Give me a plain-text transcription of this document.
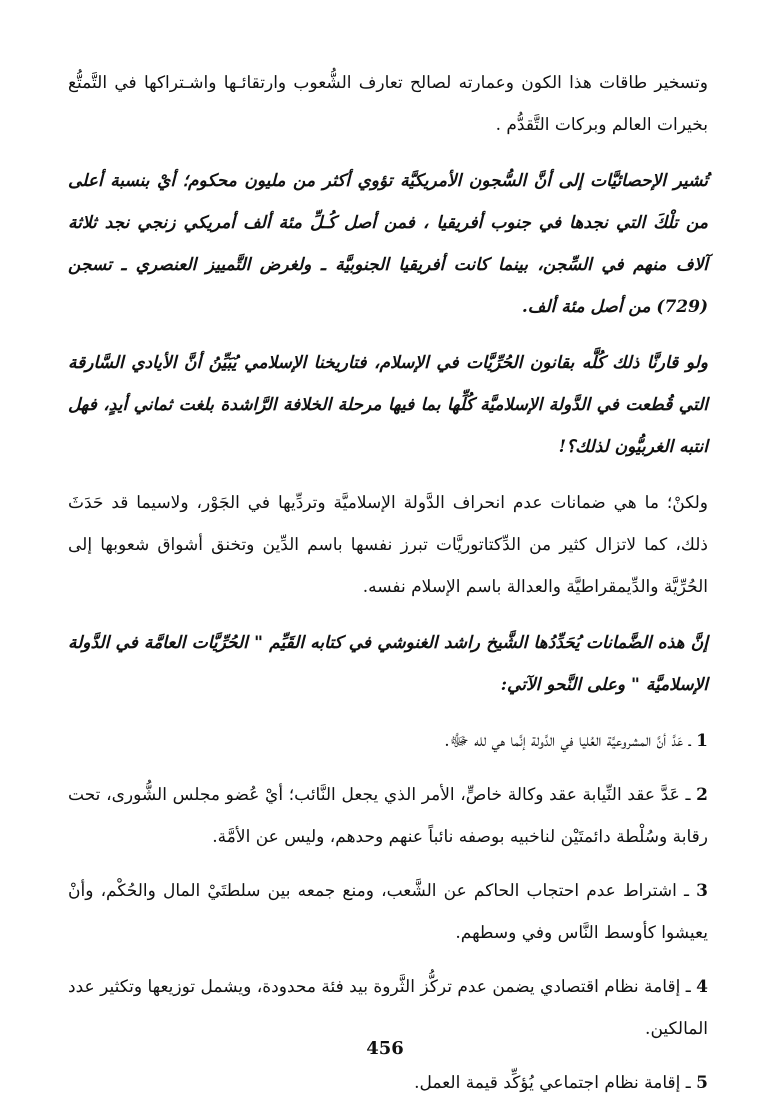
وتسخير طاقات هذا الكون وعمارته لصالح تعارف الشُّعوب وارتقائـها واشـتراكها في التَّمتُّع بخيرات العالم وبركات التَّقدُّم .

تُشير الإحصائيَّات إلى أنَّ السُّجون الأمريكيَّة تؤوي أكثر من مليون محكوم؛ أيْ بنسبة أعلى من تلْكَ التي نجدها في جنوب أفريقيا ، فمن أصل كُـلِّ مئة ألف أمريكي زنجي نجد ثلاثة آلاف منهم في السِّجن، بينما كانت أفريقيا الجنوبيَّة ـ ولغرض التَّمييز العنصري ـ تسجن (729) من أصل مئة ألف.

ولو قارنَّا ذلك كُلَّه بقانون الحُرِّيَّات في الإسلام، فتاريخنا الإسلامي يُبَيِّنُ أنَّ الأيادي السَّارقة التي قُطعت في الدَّولة الإسلاميَّة كُلِّها بما فيها مرحلة الخلافة الرَّاشدة بلغت ثماني أيدٍ، فهل انتبه الغربيُّون لذلك؟!

ولكنْ؛ ما هي ضمانات عدم انحراف الدَّولة الإسلاميَّة وتردِّيها في الجَوْر، ولاسيما قد حَدَثَ ذلك، كما لاتزال كثير من الدِّكتاتوريَّات تبرز نفسها باسم الدِّين وتخنق أشواق شعوبها إلى الحُرِّيَّة والدِّيمقراطيَّة والعدالة باسم الإسلام نفسه.

إنَّ هذه الضَّمانات يُحَدِّدُها الشَّيخ راشد الغنوشي في كتابه القَيِّم " الحُرِّيَّات العامَّة في الدَّولة الإسلاميَّة " وعلى النَّحو الآتي:

1 ـ عَدَّ أنَّ المشروعيَّة العُليا في الدَّولة إنَّما هي لله ﷻ.

2 ـ عَدَّ عقد النِّيابة عقد وكالة خاصٍّ، الأمر الذي يجعل النَّائب؛ أيْ عُضو مجلس الشُّورى، تحت رقابة وسُلْطة دائمتَيْن لناخبيه بوصفه نائباً عنهم وحدهم، وليس عن الأمَّة.

3 ـ اشتراط عدم احتجاب الحاكم عن الشَّعب، ومنع جمعه بين سلطتَيْ المال والحُكْم، وأنْ يعيشوا كأوسط النَّاس وفي وسطهم.

4 ـ إقامة نظام اقتصادي يضمن عدم تركُّز الثَّروة بيد فئة محدودة، ويشمل توزيعها وتكثير عدد المالكين.

5 ـ إقامة نظام اجتماعي يُؤكِّد قيمة العمل.

456
